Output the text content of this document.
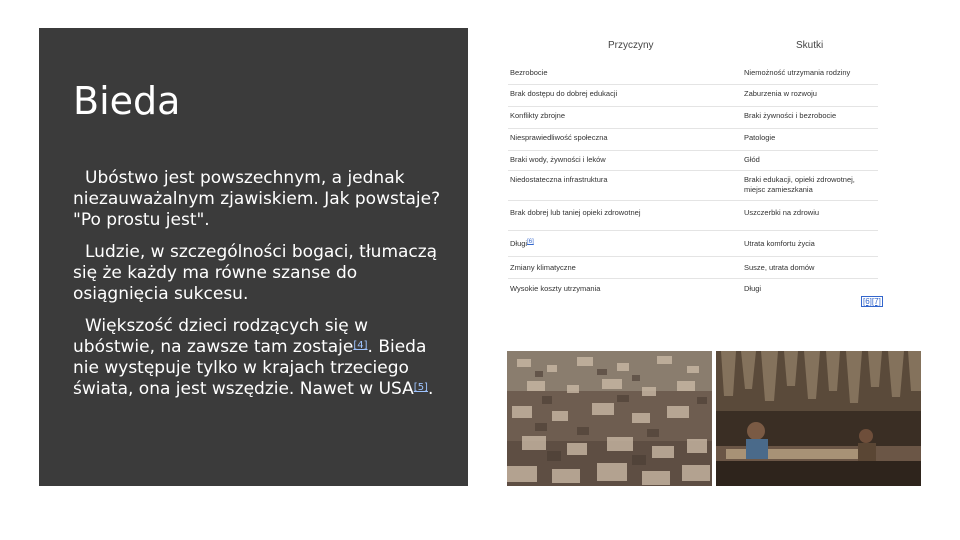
Bieda

Ubóstwo jest powszechnym, a jednak niezauważalnym zjawiskiem. Jak powstaje? "Po prostu jest".

Ludzie, w szczególności bogaci, tłumaczą się że każdy ma równe szanse do osiągnięcia sukcesu.

Większość dzieci rodzących się w ubóstwie, na zawsze tam zostaje[4]. Bieda nie występuje tylko w krajach trzeciego świata, ona jest wszędzie. Nawet w USA[5].

Przyczyny	Skutki
Bezrobocie	Niemożność utrzymania rodziny
Brak dostępu do dobrej edukacji	Zaburzenia w rozwoju
Konflikty zbrojne	Braki żywności i bezrobocie
Niesprawiedliwość społeczna	Patologie
Braki wody, żywności i leków	Głód
Niedostateczna infrastruktura	Braki edukacji, opieki zdrowotnej, miejsc zamieszkania
Brak dobrej lub taniej opieki zdrowotnej	Uszczerbki na zdrowiu
Długi[6]	Utrata komfortu życia
Zmiany klimatyczne	Susze, utrata domów
Wysokie koszty utrzymania	Długi
[6][7]
